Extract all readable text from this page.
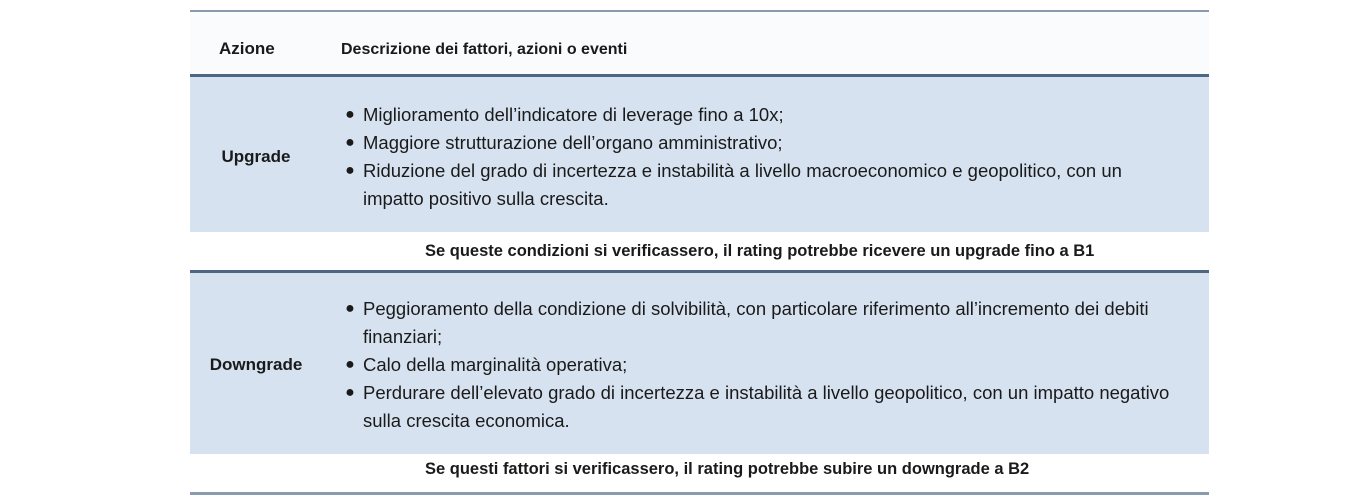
Azione	Descrizione dei fattori, azioni o eventi
Upgrade
● Miglioramento dell’indicatore di leverage fino a 10x;
● Maggiore strutturazione dell’organo amministrativo;
● Riduzione del grado di incertezza e instabilità a livello macroeconomico e geopolitico, con un impatto positivo sulla crescita.
Se queste condizioni si verificassero, il rating potrebbe ricevere un upgrade fino a B1
Downgrade
● Peggioramento della condizione di solvibilità, con particolare riferimento all’incremento dei debiti finanziari;
● Calo della marginalità operativa;
● Perdurare dell’elevato grado di incertezza e instabilità a livello geopolitico, con un impatto negativo sulla crescita economica.
Se questi fattori si verificassero, il rating potrebbe subire un downgrade a B2
